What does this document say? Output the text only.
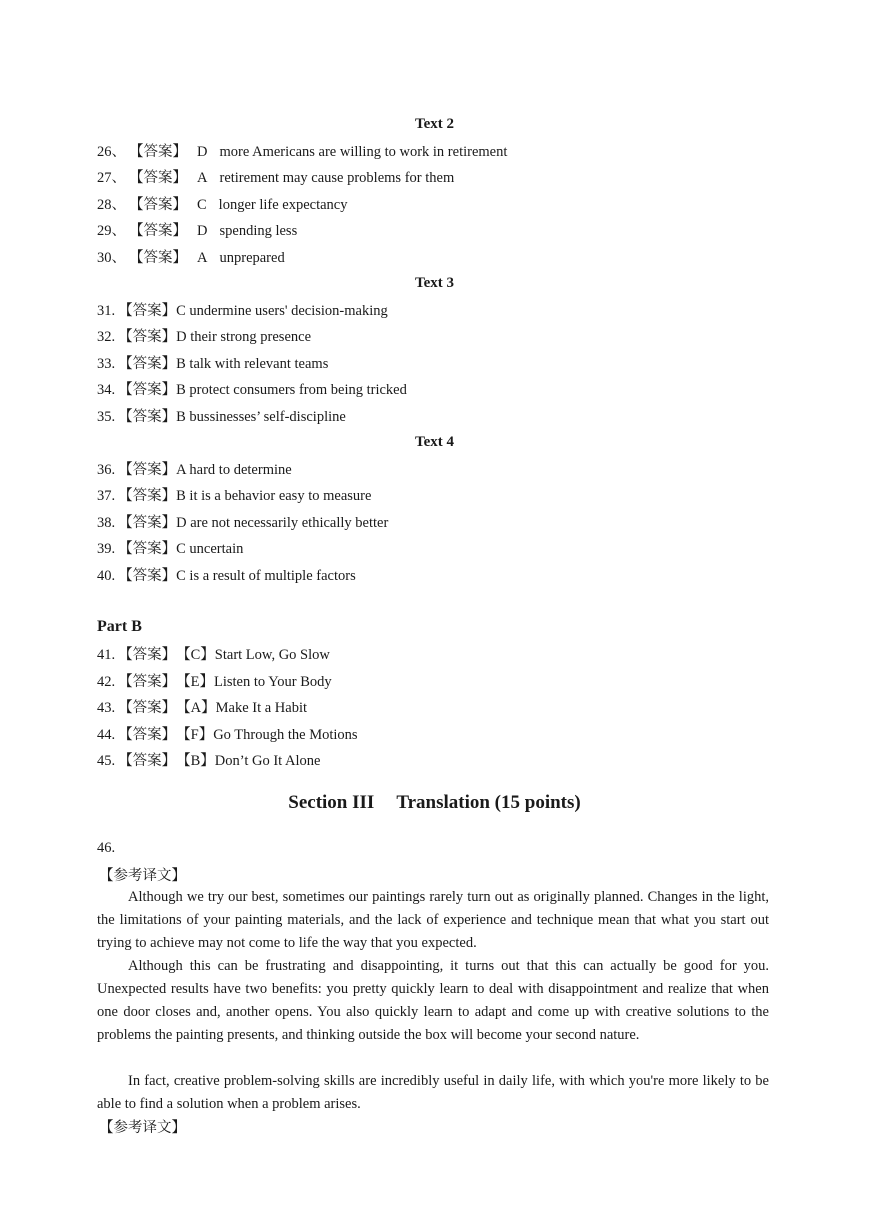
Text 2
26、 【答案】 D more Americans are willing to work in retirement
27、 【答案】 A retirement may cause problems for them
28、 【答案】 C longer life expectancy
29、 【答案】 D spending less
30、 【答案】 A unprepared
Text 3
31. 【答案】C undermine users' decision-making
32. 【答案】D their strong presence
33. 【答案】B talk with relevant teams
34. 【答案】B protect consumers from being tricked
35. 【答案】B bussinesses’ self-discipline
Text 4
36. 【答案】A hard to determine
37. 【答案】B it is a behavior easy to measure
38. 【答案】D are not necessarily ethically better
39. 【答案】C uncertain
40. 【答案】C is a result of multiple factors
Part B
41. 【答案】【C】Start Low, Go Slow
42. 【答案】【E】Listen to Your Body
43. 【答案】【A】Make It a Habit
44. 【答案】【F】Go Through the Motions
45. 【答案】【B】Don’t Go It Alone
Section III Translation (15 points)
46.
【参考译文】
Although we try our best, sometimes our paintings rarely turn out as originally planned. Changes in the light, the limitations of your painting materials, and the lack of experience and technique mean that what you start out trying to achieve may not come to life the way that you expected.
Although this can be frustrating and disappointing, it turns out that this can actually be good for you. Unexpected results have two benefits: you pretty quickly learn to deal with disappointment and realize that when one door closes and, another opens. You also quickly learn to adapt and come up with creative solutions to the problems the painting presents, and thinking outside the box will become your second nature.
In fact, creative problem-solving skills are incredibly useful in daily life, with which you're more likely to be able to find a solution when a problem arises.
【参考译文】
